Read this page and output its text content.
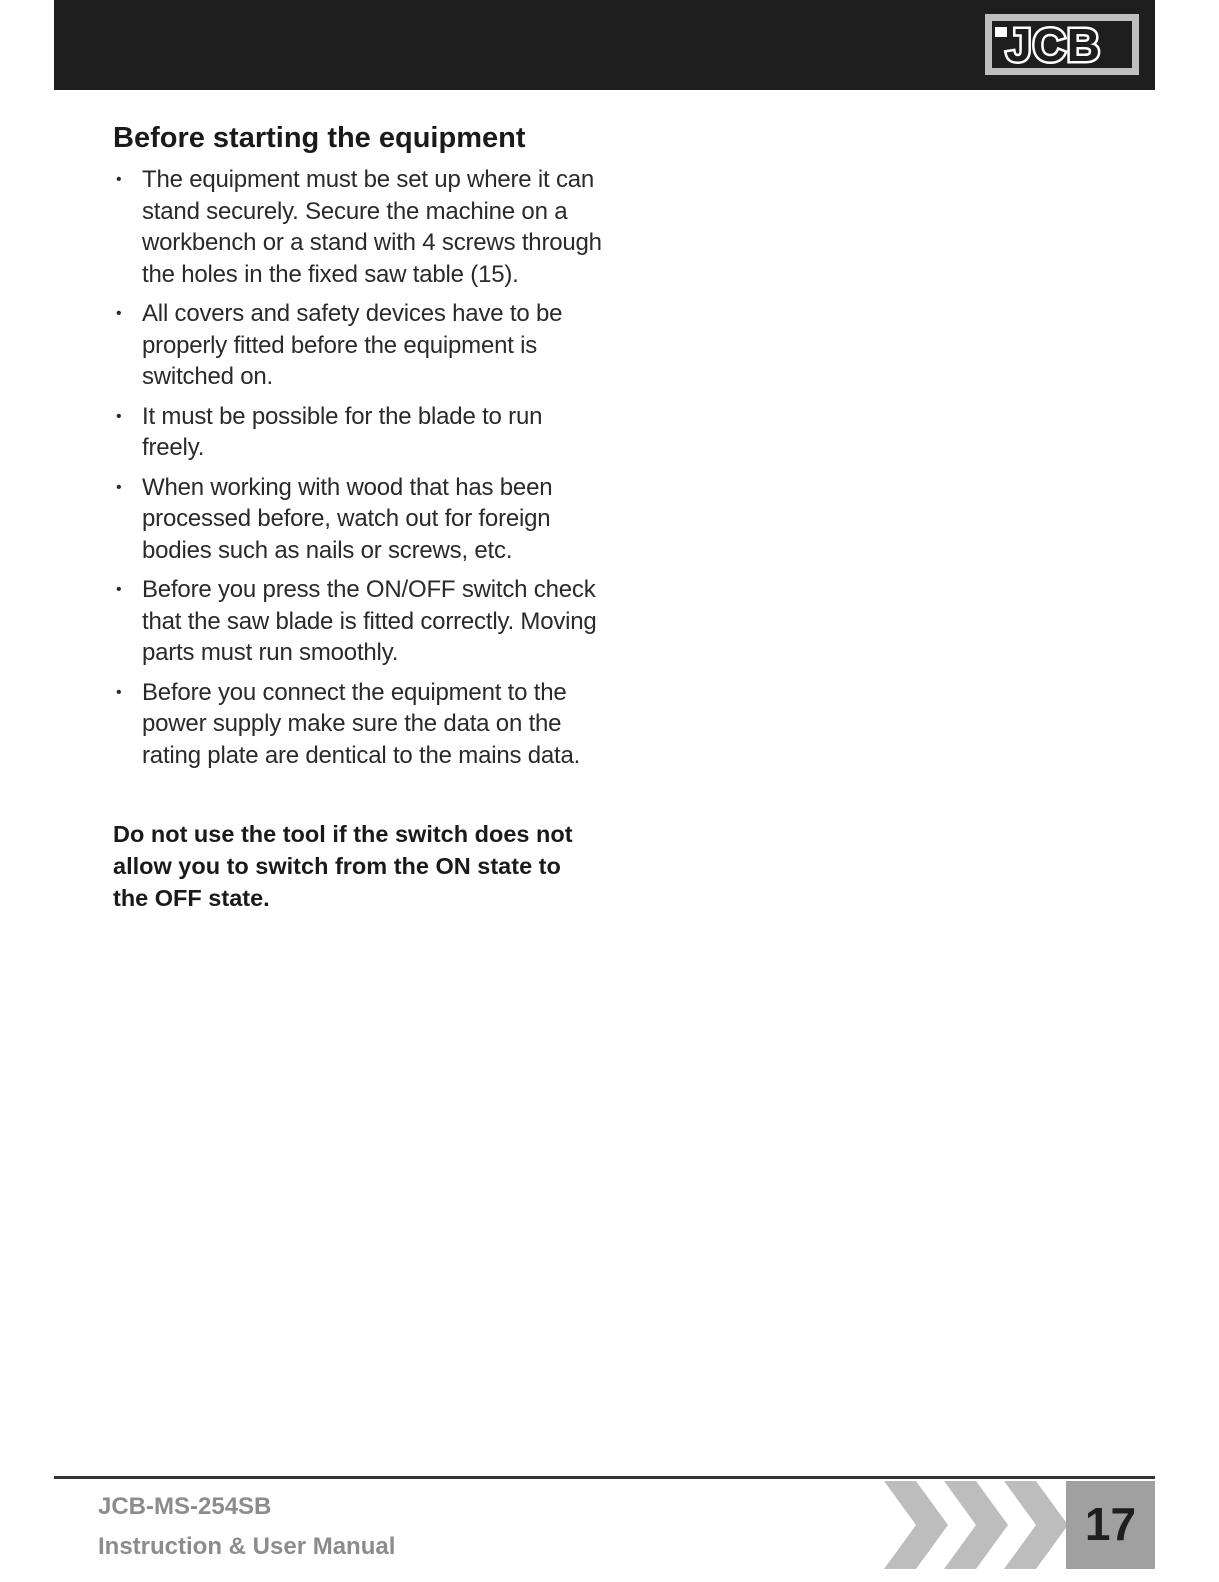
JCB
Before starting the equipment
• The equipment must be set up where it can stand securely. Secure the machine on a workbench or a stand with 4 screws through the holes in the fixed saw table (15).
• All covers and safety devices have to be properly fitted before the equipment is switched on.
• It must be possible for the blade to run freely.
• When working with wood that has been processed before, watch out for foreign bodies such as nails or screws, etc.
• Before you press the ON/OFF switch check that the saw blade is fitted correctly. Moving parts must run smoothly.
• Before you connect the equipment to the power supply make sure the data on the rating plate are dentical to the mains data.

Do not use the tool if the switch does not allow you to switch from the ON state to the OFF state.

JCB-MS-254SB
Instruction & User Manual	17
